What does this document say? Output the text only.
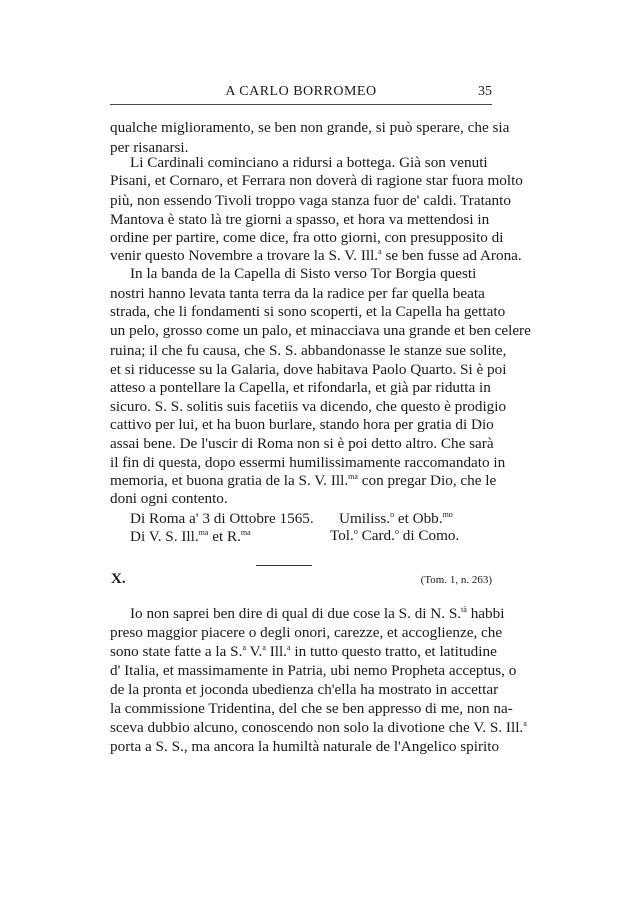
A CARLO BORROMEO	35
qualche miglioramento, se ben non grande, si può sperare, che sia
per risanarsi.
Li Cardinali cominciano a ridursi a bottega. Già son venuti
Pisani, et Cornaro, et Ferrara non doverà di ragione star fuora molto
più, non essendo Tivoli troppo vaga stanza fuor de' caldi. Tratanto
Mantova è stato là tre giorni a spasso, et hora va mettendosi in
ordine per partire, come dice, fra otto giorni, con presupposito di
venir questo Novembre a trovare la S. V. Ill.$^a$ se ben fusse ad Arona.
In la banda de la Capella di Sisto verso Tor Borgia questi
nostri hanno levata tanta terra da la radice per far quella beata
strada, che li fondamenti si sono scoperti, et la Capella ha gettato
un pelo, grosso come un palo, et minacciava una grande et ben celere
ruina; il che fu causa, che S. S. abbandonasse le stanze sue solite,
et si riducesse su la Galaria, dove habitava Paolo Quarto. Si è poi
atteso a pontellare la Capella, et rifondarla, et già par ridutta in
sicuro. S. S. solitis suis facetiis va dicendo, che questo è prodigio
cattivo per lui, et ha buon burlare, stando hora per gratia di Dio
assai bene. De l'uscir di Roma non si è poi detto altro. Che sarà
il fin di questa, dopo essermi humilissimamente raccomandato in
memoria, et buona gratia de la S. V. Ill.$^{ma}$ con pregar Dio, che le
doni ogni contento.
Di Roma a' 3 di Ottobre 1565.
Di V. S. Ill.$^{ma}$ et R.$^{ma}$
Umiliss.$^o$ et Obb.$^{mo}$
Tol.$^o$ Card.$^o$ di Como.
X.	(Tom. 1, n. 263)
Io non saprei ben dire di qual di due cose la S. di N. S.$^{tà}$ habbi
preso maggior piacere o degli onori, carezze, et accoglienze, che
sono state fatte a la S.$^a$ V.$^a$ Ill.$^a$ in tutto questo tratto, et latitudine
d' Italia, et massimamente in Patria, ubi nemo Propheta acceptus, o
de la pronta et joconda ubedienza ch'ella ha mostrato in accettar
la commissione Tridentina, del che se ben appresso di me, non na-
sceva dubbio alcuno, conoscendo non solo la divotione che V. S. Ill.$^a$
porta a S. S., ma ancora la humiltà naturale de l'Angelico spirito
